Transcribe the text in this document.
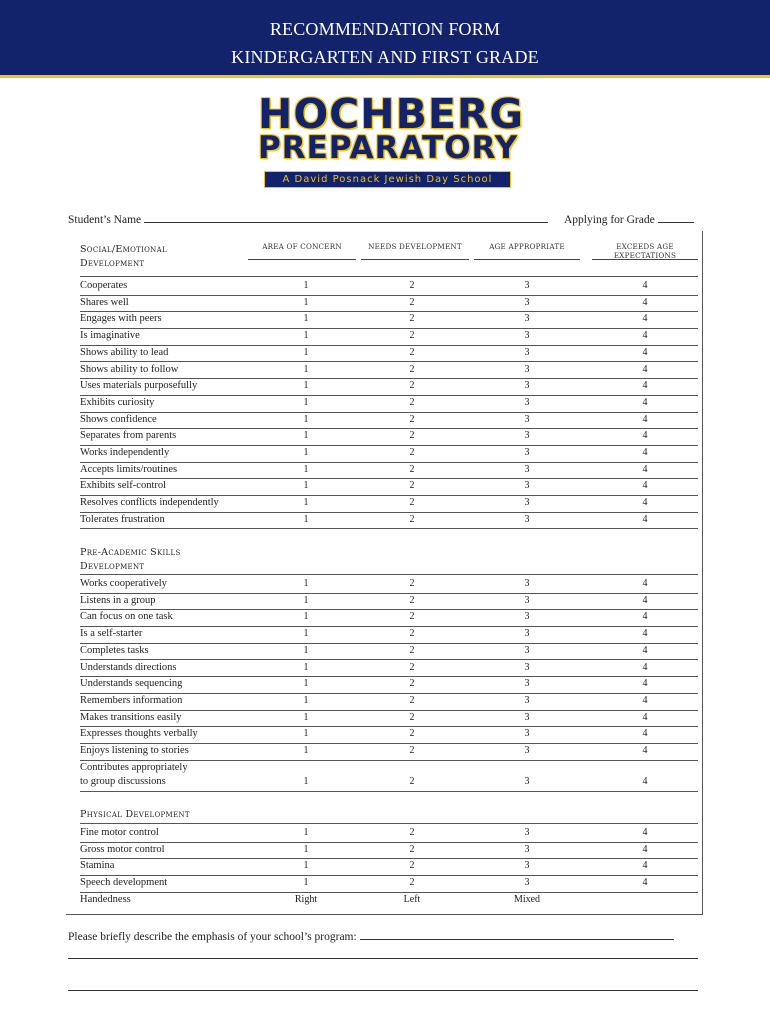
RECOMMENDATION FORM
KINDERGARTEN AND FIRST GRADE
HOCHBERG
PREPARATORY
A David Posnack Jewish Day School
Student’s Name	Applying for Grade
AREA OF CONCERN	NEEDS DEVELOPMENT	AGE APPROPRIATE	EXCEEDS AGE EXPECTATIONS
Social/Emotional
Development
Cooperates	1	2	3	4
Shares well	1	2	3	4
Engages with peers	1	2	3	4
Is imaginative	1	2	3	4
Shows ability to lead	1	2	3	4
Shows ability to follow	1	2	3	4
Uses materials purposefully	1	2	3	4
Exhibits curiosity	1	2	3	4
Shows confidence	1	2	3	4
Separates from parents	1	2	3	4
Works independently	1	2	3	4
Accepts limits/routines	1	2	3	4
Exhibits self-control	1	2	3	4
Resolves conflicts independently	1	2	3	4
Tolerates frustration	1	2	3	4
Pre-Academic Skills
Development
Works cooperatively	1	2	3	4
Listens in a group	1	2	3	4
Can focus on one task	1	2	3	4
Is a self-starter	1	2	3	4
Completes tasks	1	2	3	4
Understands directions	1	2	3	4
Understands sequencing	1	2	3	4
Remembers information	1	2	3	4
Makes transitions easily	1	2	3	4
Expresses thoughts verbally	1	2	3	4
Enjoys listening to stories	1	2	3	4
Contributes appropriately
to group discussions	1	2	3	4
Physical Development
Fine motor control	1	2	3	4
Gross motor control	1	2	3	4
Stamina	1	2	3	4
Speech development	1	2	3	4
Handedness	Right	Left	Mixed
Please briefly describe the emphasis of your school’s program:
